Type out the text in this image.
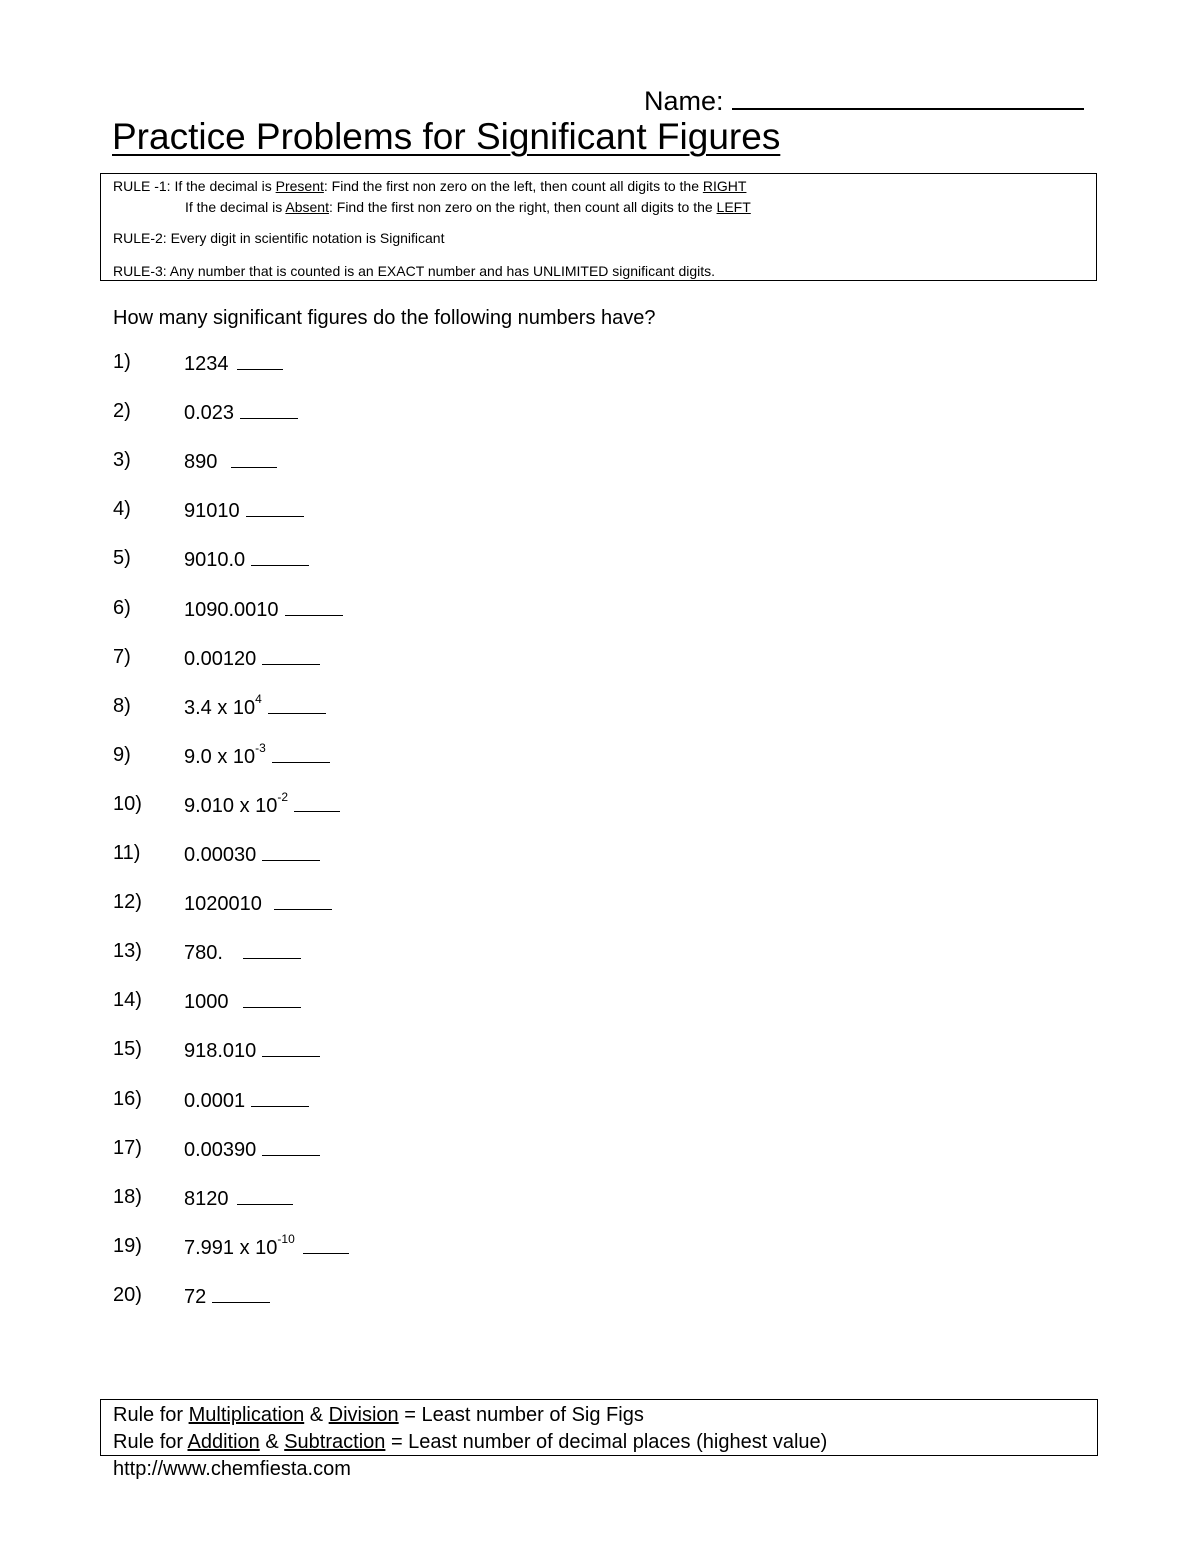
Name:
Practice Problems for Significant Figures
RULE -1: If the decimal is Present: Find the first non zero on the left, then count all digits to the RIGHT
If the decimal is Absent: Find the first non zero on the right, then count all digits to the LEFT
RULE-2: Every digit in scientific notation is Significant
RULE-3: Any number that is counted is an EXACT number and has UNLIMITED significant digits.
How many significant figures do the following numbers have?
1)	1234
2)	0.023
3)	890
4)	91010
5)	9010.0
6)	1090.0010
7)	0.00120
8)	3.4 x $10^4$
9)	9.0 x $10^{-3}$
10) 9.010 x $10^{-2}$
11) 0.00030
12) 1020010
13) 780.
14) 1000
15) 918.010
16) 0.0001
17) 0.00390
18) 8120
19) 7.991 x $10^{-10}$
20) 72
Rule for Multiplication & Division = Least number of Sig Figs
Rule for Addition & Subtraction = Least number of decimal places (highest value)
http://www.chemfiesta.com
